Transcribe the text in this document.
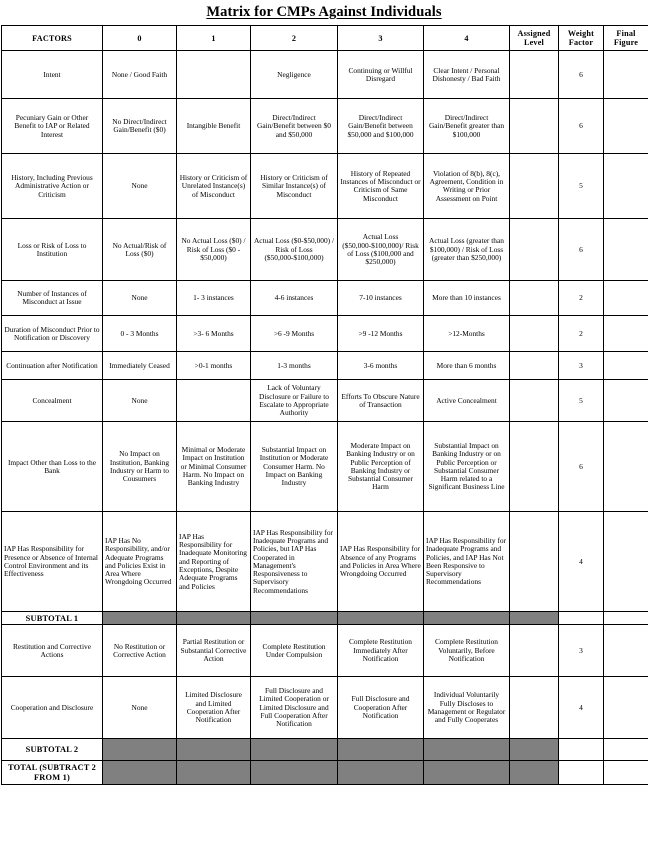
Matrix for CMPs Against Individuals
FACTORS	0	1	2	3	4	Assigned Level	Weight Factor	Final Figure
Intent	None / Good Faith		Negligence	Continuing or Willful Disregard	Clear Intent / Personal Dishonesty / Bad Faith		6	
Pecuniary Gain or Other Benefit to IAP or Related Interest	No Direct/Indirect Gain/Benefit ($0)	Intangible Benefit	Direct/Indirect Gain/Benefit between $0 and $50,000	Direct/Indirect Gain/Benefit between $50,000 and $100,000	Direct/Indirect Gain/Benefit greater than $100,000		6	
History, Including Previous Administrative Action or Criticism	None	History or Criticism of Unrelated Instance(s) of Misconduct	History or Criticism of Similar Instance(s) of Misconduct	History of Repeated Instances of Misconduct or Criticism of Same Misconduct	Violation of 8(b), 8(c), Agreement, Condition in Writing or Prior Assessment on Point		5	
Loss or Risk of Loss to Institution	No Actual/Risk of Loss ($0)	No Actual Loss ($0) / Risk of Loss ($0 - $50,000)	Actual Loss ($0-$50,000) / Risk of Loss ($50,000-$100,000)	Actual Loss ($50,000-$100,000)/ Risk of Loss ($100,000 and $250,000)	Actual Loss (greater than $100,000) / Risk of Loss (greater than $250,000)		6	
Number of Instances of Misconduct at Issue	None	1- 3 instances	4-6 instances	7-10 instances	More than 10 instances		2	
Duration of Misconduct Prior to Notification or Discovery	0 - 3 Months	>3- 6 Months	>6 -9 Months	>9 -12 Months	>12-Months		2	
Continuation after Notification	Immediately Ceased	>0-1 months	1-3 months	3-6 months	More than 6 months		3	
Concealment	None		Lack of Voluntary Disclosure or Failure to Escalate to Appropriate Authority	Efforts To Obscure Nature of Transaction	Active Concealment		5	
Impact Other than Loss to the Bank	No Impact on Institution, Banking Industry or Harm to Cousumers	Minimal or Moderate Impact on Institution or Minimal Consumer Harm. No Impact on Banking Industry	Substantial Impact on Institution or Moderate Consumer Harm. No Impact on Banking Industry	Moderate Impact on Banking Industry or on Public Perception of Banking Industry or Substantial Consumer Harm	Substantial Impact on Banking Industry or on Public Perception or Substantial Consumer Harm related to a Significant Business Line		6	
IAP Has Responsibility for Presence or Absence of Internal Control Environment and its Effectiveness	IAP Has No Responsibility, and/or Adequate Programs and Policies Exist in Area Where Wrongdoing Occurred	IAP Has Responsibility for Inadequate Monitoring and Reporting of Exceptions, Despite Adequate Programs and Policies	IAP Has Responsibility for Inadequate Programs and Policies, but IAP Has Cooperated in Management's Responsiveness to Supervisory Recommendations	IAP Has Responsibility for Absence of any Programs and Policies in Area Where Wrongdoing Occurred	IAP Has Responsibility for Inadequate Programs and Policies, and IAP Has Not Been Responsive to Supervisory Recommendations		4	
SUBTOTAL 1								
Restitution and Corrective Actions	No Restitution or Corrective Action	Partial Restitution or Substantial Corrective Action	Complete Restitution Under Compulsion	Complete Restitution Immediately After Notification	Complete Restitution Voluntarily, Before Notification		3	
Cooperation and Disclosure	None	Limited Disclosure and Limited Cooperation After Notification	Full Disclosure and Limited Cooperation or Limited Disclosure and Full Cooperation After Notification	Full Disclosure and Cooperation After Notification	Individual Voluntarily Fully Discloses to Management or Regulator and Fully Cooperates		4	
SUBTOTAL 2								
TOTAL (SUBTRACT 2 FROM 1)								
